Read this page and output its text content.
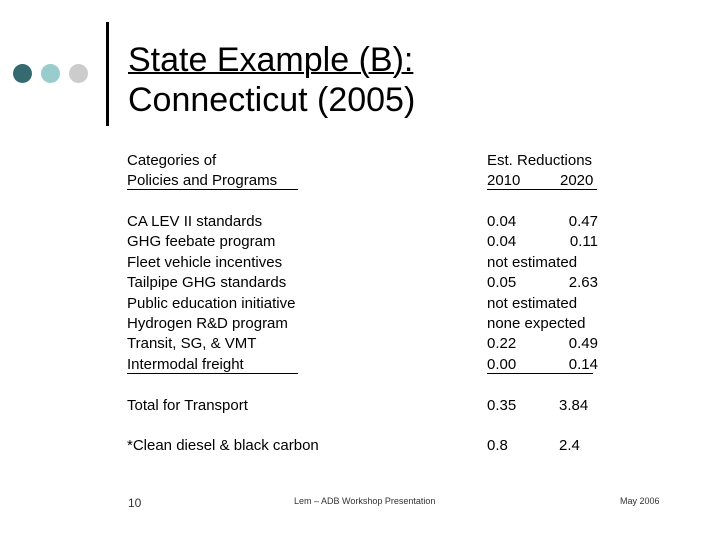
State Example (B):
Connecticut (2005)
10	Lem – ADB Workshop Presentation	May 2006
Categories of
Policies and Programs
Est. Reductions
2010	2020
CA LEV II standards	0.04	0.47
GHG feebate program	0.04	0.11
Fleet vehicle incentives	not estimated
Tailpipe GHG standards	0.05	2.63
Public education initiative	not estimated
Hydrogen R&D program	none expected
Transit, SG, & VMT	0.22	0.49
Intermodal freight	0.00	0.14
Total for Transport	0.35	3.84
*Clean diesel & black carbon	0.8	2.4
